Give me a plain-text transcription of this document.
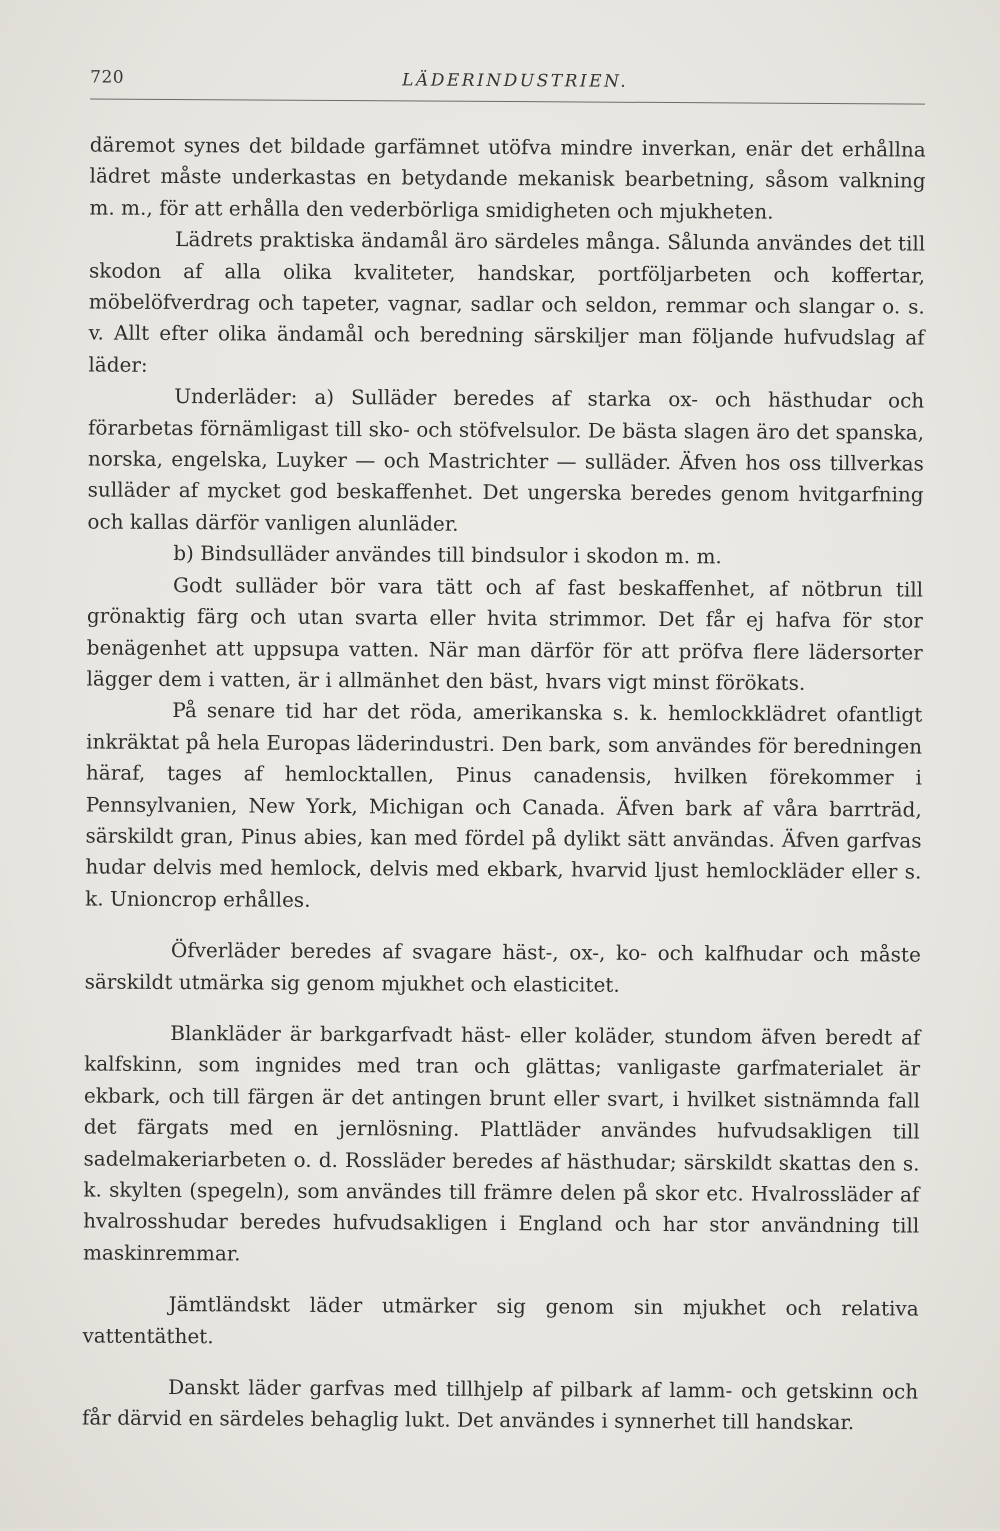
720	LÄDERINDUSTRIEN.

däremot synes det bildade garfämnet utöfva mindre inverkan, enär det erhållna lädret måste underkastas en betydande mekanisk bearbetning, såsom valkning m. m., för att erhålla den vederbörliga smidigheten och mjukheten.

Lädrets praktiska ändamål äro särdeles många. Sålunda användes det till skodon af alla olika kvaliteter, handskar, portföljarbeten och koffertar, möbelöfverdrag och tapeter, vagnar, sadlar och seldon, remmar och slangar o. s. v. Allt efter olika ändamål och beredning särskiljer man följande hufvudslag af läder:

Underläder: a) Sulläder beredes af starka ox- och hästhudar och förarbetas förnämligast till sko- och stöfvelsulor. De bästa slagen äro det spanska, norska, engelska, Luyker — och Mastrichter — sulläder. Äfven hos oss tillverkas sulläder af mycket god beskaffenhet. Det ungerska beredes genom hvitgarfning och kallas därför vanligen alunläder.

b) Bindsulläder användes till bindsulor i skodon m. m.

Godt sulläder bör vara tätt och af fast beskaffenhet, af nötbrun till grönaktig färg och utan svarta eller hvita strimmor. Det får ej hafva för stor benägenhet att uppsupa vatten. När man därför för att pröfva flere lädersorter lägger dem i vatten, är i allmänhet den bäst, hvars vigt minst förökats.

På senare tid har det röda, amerikanska s. k. hemlockklädret ofantligt inkräktat på hela Europas läderindustri. Den bark, som användes för beredningen häraf, tages af hemlocktallen, Pinus canadensis, hvilken förekommer i Pennsylvanien, New York, Michigan och Canada. Äfven bark af våra barrträd, särskildt gran, Pinus abies, kan med fördel på dylikt sätt användas. Äfven garfvas hudar delvis med hemlock, delvis med ekbark, hvarvid ljust hemlockläder eller s. k. Unioncrop erhålles.

Öfverläder beredes af svagare häst-, ox-, ko- och kalfhudar och måste särskildt utmärka sig genom mjukhet och elasticitet.

Blankläder är barkgarfvadt häst- eller koläder, stundom äfven beredt af kalfskinn, som ingnides med tran och glättas; vanligaste garfmaterialet är ekbark, och till färgen är det antingen brunt eller svart, i hvilket sistnämnda fall det färgats med en jernlösning. Plattläder användes hufvudsakligen till sadelmakeriarbeten o. d. Rossläder beredes af hästhudar; särskildt skattas den s. k. skylten (spegeln), som användes till främre delen på skor etc. Hvalrossläder af hvalrosshudar beredes hufvudsakligen i England och har stor användning till maskinremmar.

Jämtländskt läder utmärker sig genom sin mjukhet och relativa vattentäthet.

Danskt läder garfvas med tillhjelp af pilbark af lamm- och getskinn och får därvid en särdeles behaglig lukt. Det användes i synnerhet till handskar.
